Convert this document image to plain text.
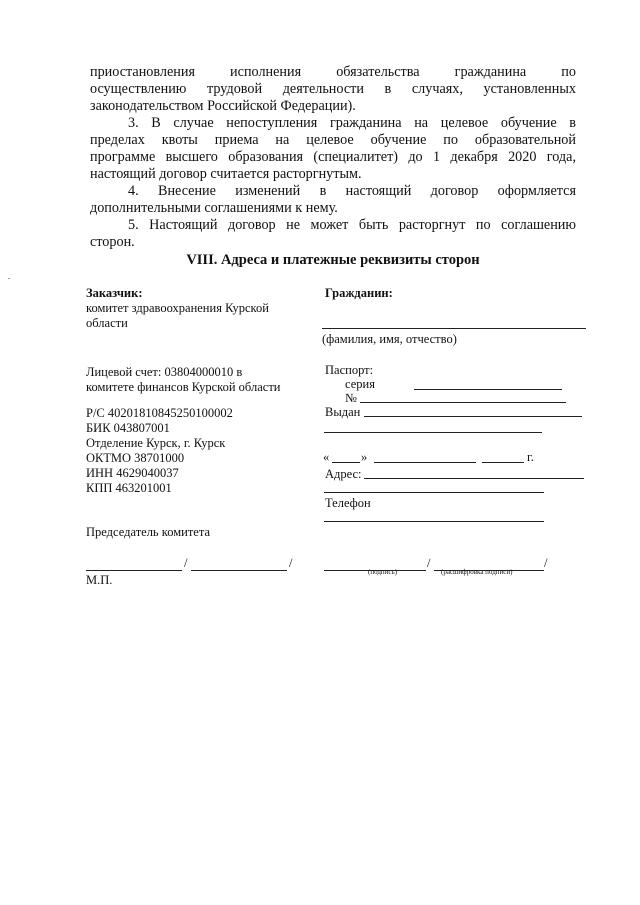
приостановления исполнения обязательства гражданина по
осуществлению трудовой деятельности в случаях, установленных
законодательством Российской Федерации).
3. В случае непоступления гражданина на целевое обучение в
пределах квоты приема на целевое обучение по образовательной
программе высшего образования (специалитет) до 1 декабря 2020 года,
настоящий договор считается расторгнутым.
4. Внесение изменений в настоящий договор оформляется
дополнительными соглашениями к нему.
5. Настоящий договор не может быть расторгнут по соглашению
сторон.
VIII. Адреса и платежные реквизиты сторон
Заказчик:
комитет здравоохранения Курской
области
Лицевой счет: 03804000010 в
комитете финансов Курской области
Р/С 40201810845250100002
БИК 043807001
Отделение Курск, г. Курск
ОКТМО 38701000
ИНН 4629040037
КПП 463201001
Председатель комитета
/	/
М.П.
Гражданин:
(фамилия, имя, отчество)
Паспорт:
серия
№
Выдан
«	»	г.
Адрес:
Телефон
/	/
(подпись)	(расшифровка подписи)
